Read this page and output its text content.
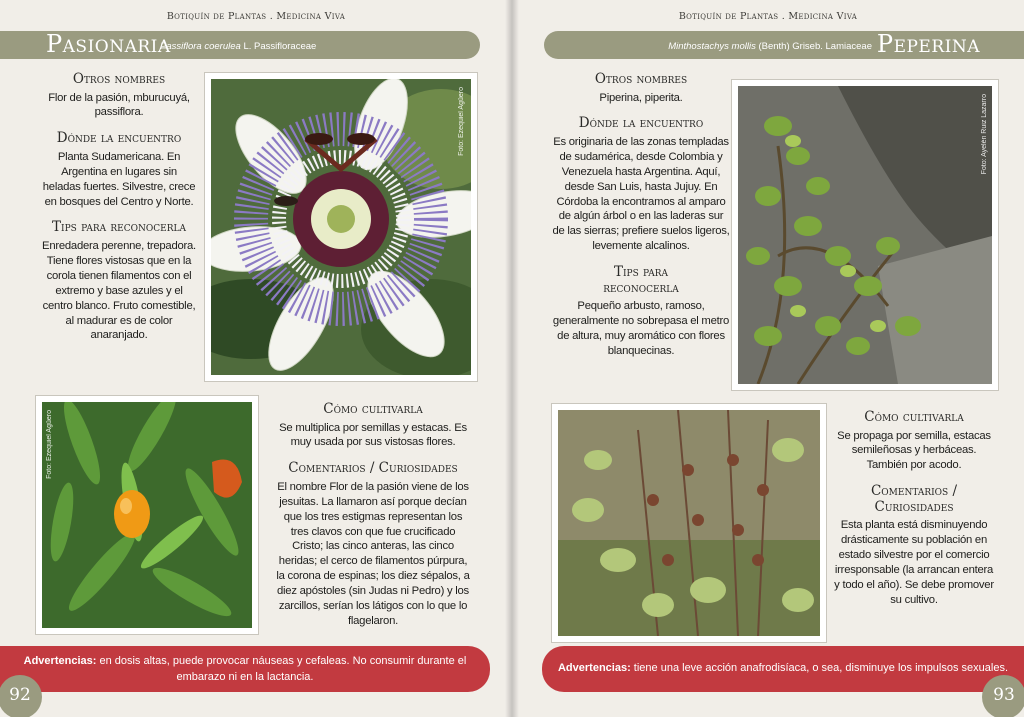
Botiquín de Plantas . Medicina Viva
Pasionaria
Passiflora coerulea L. Passifloraceae
Otros nombres
Flor de la pasión, mburucuyá, passiflora.
Dónde la encuentro
Planta Sudamericana. En Argentina en lugares sin heladas fuertes. Silvestre, crece en bosques del Centro y Norte.
Tips para reconocerla
Enredadera perenne, trepadora. Tiene flores vistosas que en la corola tienen filamentos con el extremo y base azules y el centro blanco. Fruto comestible, al madurar es de color anaranjado.
Foto: Ezequiel Agüero
Foto: Ezequiel Agüero
Cómo cultivarla
Se multiplica por semillas y estacas. Es muy usada por sus vistosas flores.
Comentarios / Curiosidades
El nombre Flor de la pasión viene de los jesuitas. La llamaron así porque decían que los tres estigmas representan los tres clavos con que fue crucificado Cristo; las cinco anteras, las cinco heridas; el cerco de filamentos púrpura, la corona de espinas; los diez sépalos, a diez apóstoles (sin Judas ni Pedro) y los zarcillos, serían los látigos con lo que lo flagelaron.
Advertencias: en dosis altas, puede provocar náuseas y cefaleas. No consumir durante el embarazo ni en la lactancia.
92
Botiquín de Plantas . Medicina Viva
Minthostachys mollis (Benth) Griseb. Lamiaceae Peperina
Otros nombres
Piperina, piperita.
Dónde la encuentro
Es originaria de las zonas templadas de sudamérica, desde Colombia y Venezuela hasta Argentina. Aquí, desde San Luis, hasta Jujuy. En Córdoba la encontramos al amparo de algún árbol o en las laderas sur de las sierras; prefiere suelos ligeros, levemente alcalinos.
Tips para reconocerla
Pequeño arbusto, ramoso, generalmente no sobrepasa el metro de altura, muy aromático con flores blanquecinas.
Foto: Ayelén Ruiz Lazarro
Cómo cultivarla
Se propaga por semilla, estacas semileñosas y herbáceas. También por acodo.
Comentarios / Curiosidades
Esta planta está disminuyendo drásticamente su población en estado silvestre por el comercio irresponsable (la arrancan entera y todo el año). Se debe promover su cultivo.
Advertencias: tiene una leve acción anafrodisíaca, o sea, disminuye los impulsos sexuales.
93
